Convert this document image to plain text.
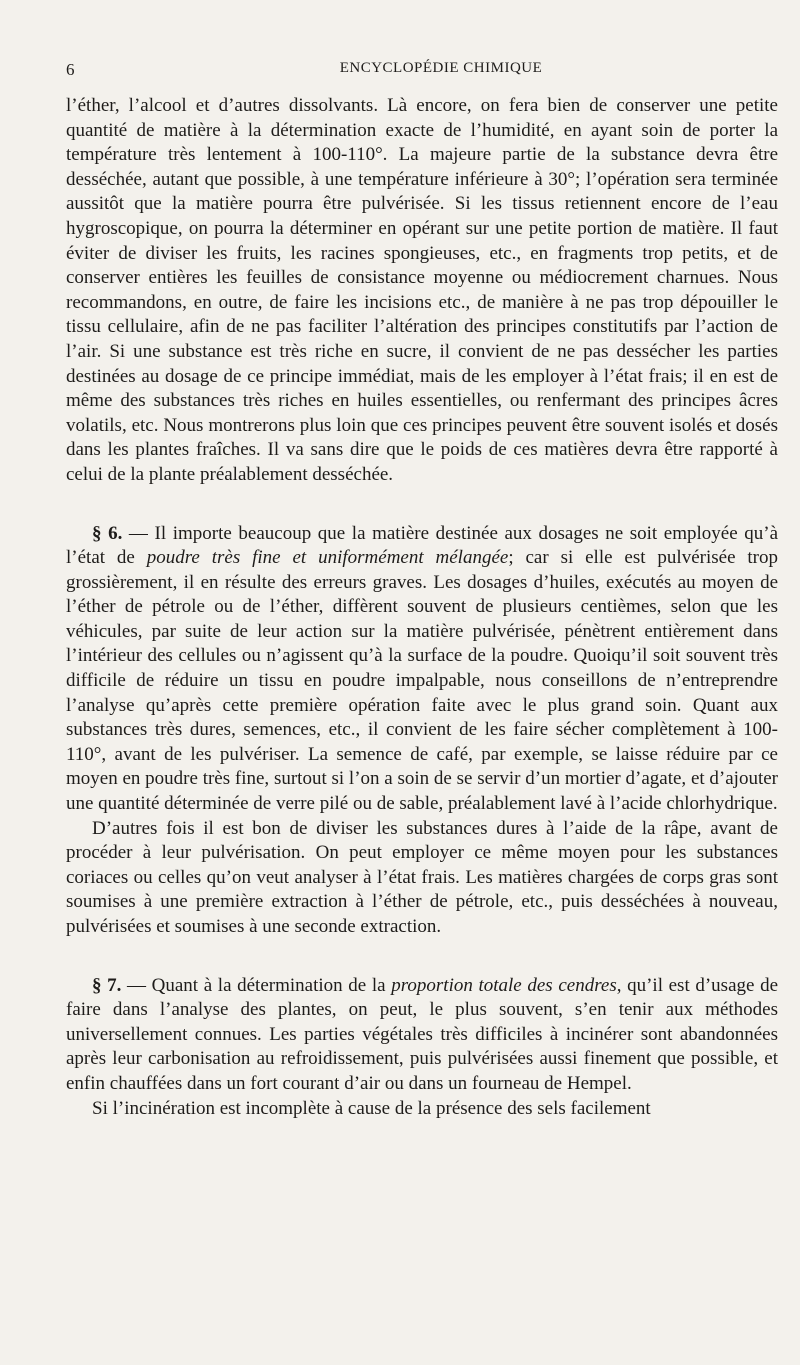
6	ENCYCLOPÉDIE CHIMIQUE

l’éther, l’alcool et d’autres dissolvants. Là encore, on fera bien de conserver une petite quantité de matière à la détermination exacte de l’humidité, en ayant soin de porter la température très lentement à 100-110°. La majeure partie de la substance devra être desséchée, autant que possible, à une température inférieure à 30°; l’opération sera terminée aussitôt que la matière pourra être pulvérisée. Si les tissus retiennent encore de l’eau hygroscopique, on pourra la déterminer en opérant sur une petite portion de matière. Il faut éviter de diviser les fruits, les racines spongieuses, etc., en fragments trop petits, et de conserver entières les feuilles de consistance moyenne ou médiocrement charnues. Nous recommandons, en outre, de faire les incisions etc., de manière à ne pas trop dépouiller le tissu cellulaire, afin de ne pas faciliter l’altération des principes constitutifs par l’action de l’air. Si une substance est très riche en sucre, il convient de ne pas dessécher les parties destinées au dosage de ce principe immédiat, mais de les employer à l’état frais; il en est de même des substances très riches en huiles essentielles, ou renfermant des principes âcres volatils, etc. Nous montrerons plus loin que ces principes peuvent être souvent isolés et dosés dans les plantes fraîches. Il va sans dire que le poids de ces matières devra être rapporté à celui de la plante préalablement desséchée.

§ 6. — Il importe beaucoup que la matière destinée aux dosages ne soit employée qu’à l’état de poudre très fine et uniformément mélangée; car si elle est pulvérisée trop grossièrement, il en résulte des erreurs graves. Les dosages d’huiles, exécutés au moyen de l’éther de pétrole ou de l’éther, diffèrent souvent de plusieurs centièmes, selon que les véhicules, par suite de leur action sur la matière pulvérisée, pénètrent entièrement dans l’intérieur des cellules ou n’agissent qu’à la surface de la poudre. Quoiqu’il soit souvent très difficile de réduire un tissu en poudre impalpable, nous conseillons de n’entreprendre l’analyse qu’après cette première opération faite avec le plus grand soin. Quant aux substances très dures, semences, etc., il convient de les faire sécher complètement à 100-110°, avant de les pulvériser. La semence de café, par exemple, se laisse réduire par ce moyen en poudre très fine, surtout si l’on a soin de se servir d’un mortier d’agate, et d’ajouter une quantité déterminée de verre pilé ou de sable, préalablement lavé à l’acide chlorhydrique.

D’autres fois il est bon de diviser les substances dures à l’aide de la râpe, avant de procéder à leur pulvérisation. On peut employer ce même moyen pour les substances coriaces ou celles qu’on veut analyser à l’état frais. Les matières chargées de corps gras sont soumises à une première extraction à l’éther de pétrole, etc., puis desséchées à nouveau, pulvérisées et soumises à une seconde extraction.

§ 7. — Quant à la détermination de la proportion totale des cendres, qu’il est d’usage de faire dans l’analyse des plantes, on peut, le plus souvent, s’en tenir aux méthodes universellement connues. Les parties végétales très difficiles à incinérer sont abandonnées après leur carbonisation au refroidissement, puis pulvérisées aussi finement que possible, et enfin chauffées dans un fort courant d’air ou dans un fourneau de Hempel.

Si l’incinération est incomplète à cause de la présence des sels facilement
